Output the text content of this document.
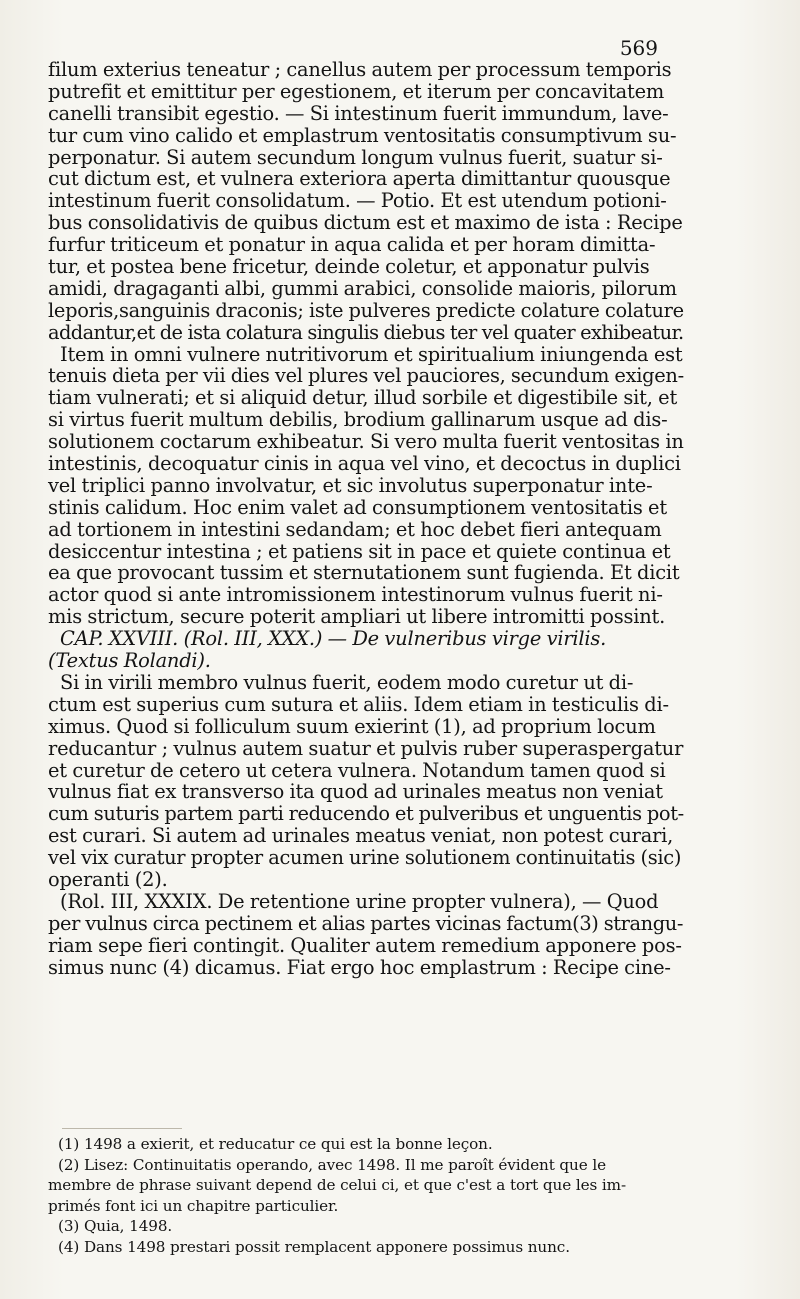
569
filum exterius teneatur ; canellus autem per processum temporis
putrefit et emittitur per egestionem, et iterum per concavitatem
canelli transibit egestio. — Si intestinum fuerit immundum, lave-
tur cum vino calido et emplastrum ventositatis consumptivum su-
perponatur. Si autem secundum longum vulnus fuerit, suatur si-
cut dictum est, et vulnera exteriora aperta dimittantur quousque
intestinum fuerit consolidatum. — Potio. Et est utendum potioni-
bus consolidativis de quibus dictum est et maximo de ista : Recipe
furfur triticeum et ponatur in aqua calida et per horam dimitta-
tur, et postea bene fricetur, deinde coletur, et apponatur pulvis
amidi, dragaganti albi, gummi arabici, consolide maioris, pilorum
leporis,sanguinis draconis; iste pulveres predicte colature colature
addantur,et de ista colatura singulis diebus ter vel quater exhibeatur.
Item in omni vulnere nutritivorum et spiritualium iniungenda est
tenuis dieta per vii dies vel plures vel pauciores, secundum exigen-
tiam vulnerati; et si aliquid detur, illud sorbile et digestibile sit, et
si virtus fuerit multum debilis, brodium gallinarum usque ad dis-
solutionem coctarum exhibeatur. Si vero multa fuerit ventositas in
intestinis, decoquatur cinis in aqua vel vino, et decoctus in duplici
vel triplici panno involvatur, et sic involutus superponatur inte-
stinis calidum. Hoc enim valet ad consumptionem ventositatis et
ad tortionem in intestini sedandam; et hoc debet fieri antequam
desiccentur intestina ; et patiens sit in pace et quiete continua et
ea que provocant tussim et sternutationem sunt fugienda. Et dicit
actor quod si ante intromissionem intestinorum vulnus fuerit ni-
mis strictum, secure poterit ampliari ut libere intromitti possint.
CAP. XXVIII. (Rol. III, XXX.) — De vulneribus virge virilis.
(Textus Rolandi).
Si in virili membro vulnus fuerit, eodem modo curetur ut di-
ctum est superius cum sutura et aliis. Idem etiam in testiculis di-
ximus. Quod si folliculum suum exierint (1), ad proprium locum
reducantur ; vulnus autem suatur et pulvis ruber superaspergatur
et curetur de cetero ut cetera vulnera. Notandum tamen quod si
vulnus fiat ex transverso ita quod ad urinales meatus non veniat
cum suturis partem parti reducendo et pulveribus et unguentis pot-
est curari. Si autem ad urinales meatus veniat, non potest curari,
vel vix curatur propter acumen urine solutionem continuitatis (sic)
operanti (2).
(Rol. III, XXXIX. De retentione urine propter vulnera), — Quod
per vulnus circa pectinem et alias partes vicinas factum(3) strangu-
riam sepe fieri contingit. Qualiter autem remedium apponere pos-
simus nunc (4) dicamus. Fiat ergo hoc emplastrum : Recipe cine-
(1) 1498 a exierit, et reducatur ce qui est la bonne leçon.
(2) Lisez: Continuitatis operando, avec 1498. Il me paroît évident que le
membre de phrase suivant depend de celui ci, et que c'est a tort que les im-
primés font ici un chapitre particulier.
(3) Quia, 1498.
(4) Dans 1498 prestari possit remplacent apponere possimus nunc.
